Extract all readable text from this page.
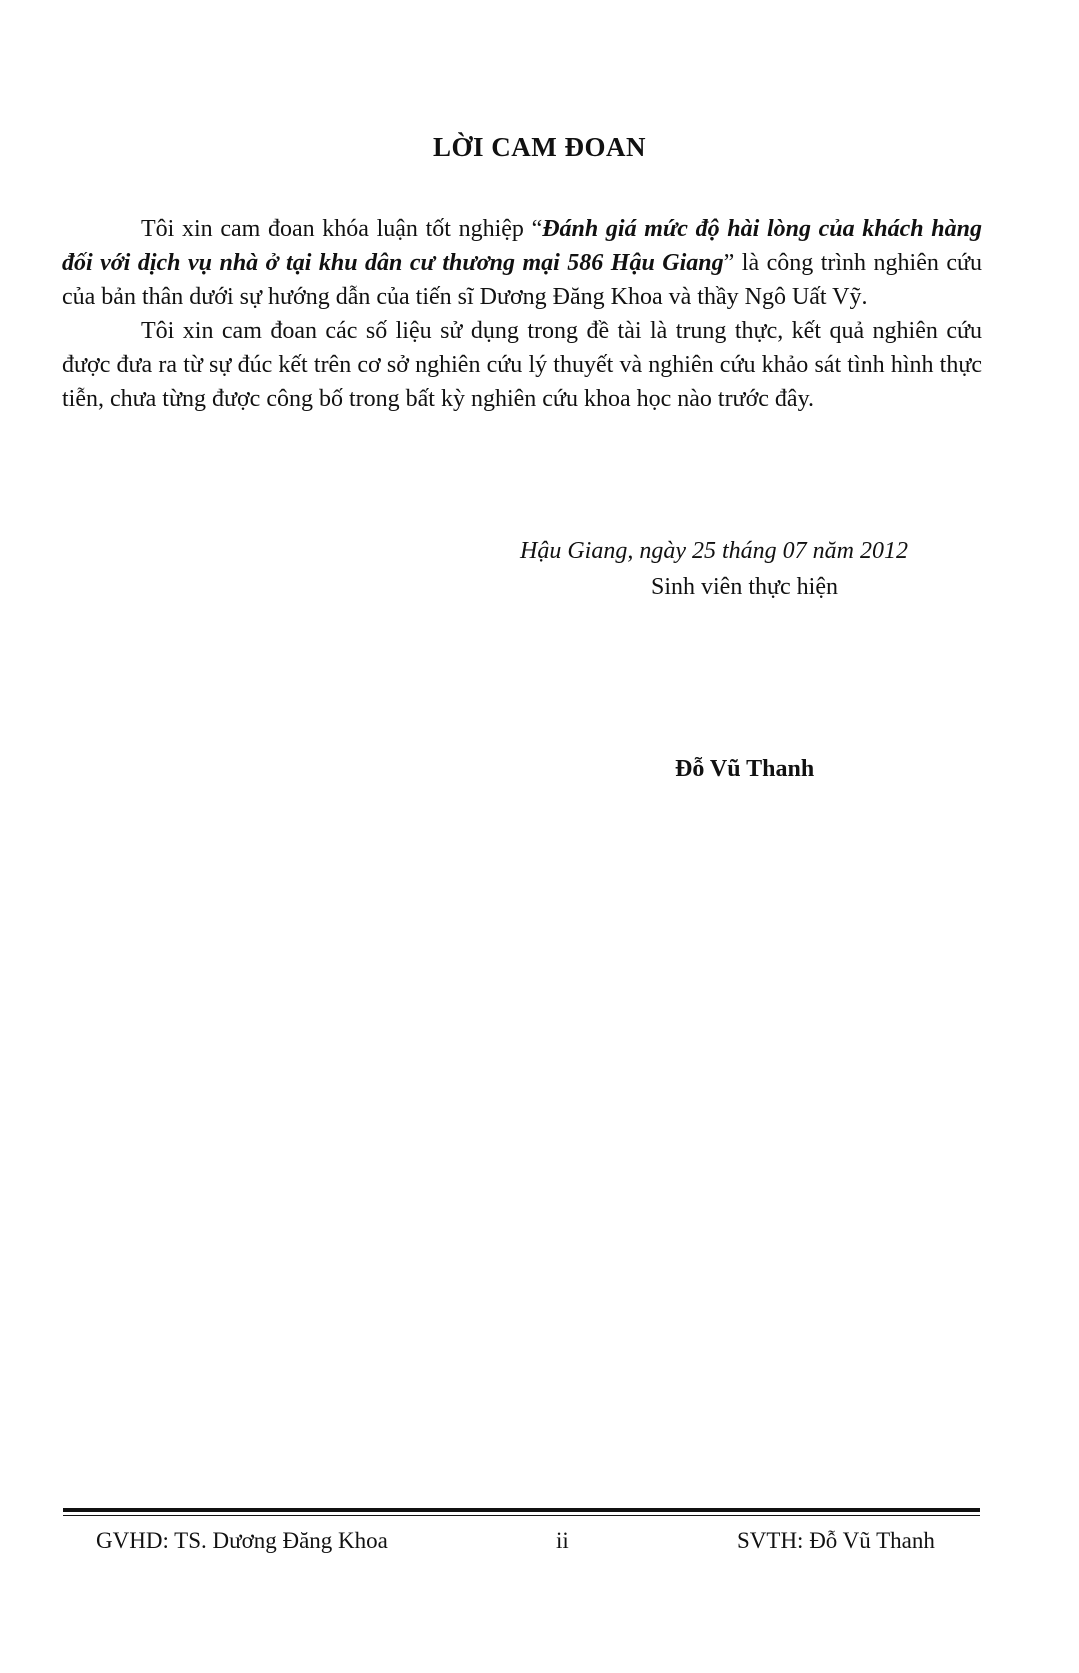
LỜI CAM ĐOAN

Tôi xin cam đoan khóa luận tốt nghiệp “Đánh giá mức độ hài lòng của khách hàng đối với dịch vụ nhà ở tại khu dân cư thương mại 586 Hậu Giang” là công trình nghiên cứu của bản thân dưới sự hướng dẫn của tiến sĩ Dương Đăng Khoa và thầy Ngô Uất Vỹ.

Tôi xin cam đoan các số liệu sử dụng trong đề tài là trung thực, kết quả nghiên cứu được đưa ra từ sự đúc kết trên cơ sở nghiên cứu lý thuyết và nghiên cứu khảo sát tình hình thực tiễn, chưa từng được công bố trong bất kỳ nghiên cứu khoa học nào trước đây.

Hậu Giang, ngày 25 tháng 07 năm 2012
Sinh viên thực hiện
Đỗ Vũ Thanh
GVHD: TS. Dương Đăng Khoa	ii	SVTH: Đỗ Vũ Thanh
